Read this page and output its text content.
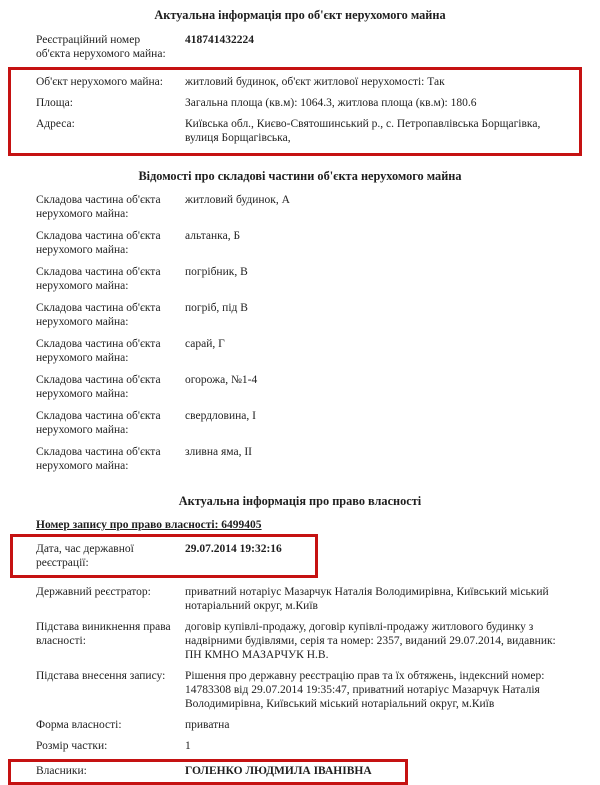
Актуальна інформація про об'єкт нерухомого майна
Реєстраційний номер об'єкта нерухомого майна:
418741432224
Об'єкт нерухомого майна:	житловий будинок, об'єкт житлової нерухомості: Так
Площа:	Загальна площа (кв.м): 1064.3, житлова площа (кв.м): 180.6
Адреса:	Київська обл., Києво-Святошинський р., с. Петропавлівська Борщагівка, вулиця Борщагівська,
Відомості про складові частини об'єкта нерухомого майна
Складова частина об'єкта нерухомого майна:
житловий будинок, А
Складова частина об'єкта нерухомого майна:
альтанка, Б
Складова частина об'єкта нерухомого майна:
погрібник, В
Складова частина об'єкта нерухомого майна:
погріб, під В
Складова частина об'єкта нерухомого майна:
сарай, Г
Складова частина об'єкта нерухомого майна:
огорожа, №1-4
Складова частина об'єкта нерухомого майна:
свердловина, І
Складова частина об'єкта нерухомого майна:
зливна яма, ІІ
Актуальна інформація про право власності
Номер запису про право власності: 6499405
Дата, час державної реєстрації:
29.07.2014 19:32:16
Державний реєстратор:	приватний нотаріус Мазарчук Наталія Володимирівна, Київський міський нотаріальний округ, м.Київ
Підстава виникнення права власності:
договір купівлі-продажу, договір купівлі-продажу житлового будинку з надвірними будівлями, серія та номер: 2357, виданий 29.07.2014, видавник: ПН КМНО МАЗАРЧУК Н.В.
Підстава внесення запису:	Рішення про державну реєстрацію прав та їх обтяжень, індексний номер: 14783308 від 29.07.2014 19:35:47, приватний нотаріус Мазарчук Наталія Володимирівна, Київський міський нотаріальний округ, м.Київ
Форма власності:	приватна
Розмір частки:	1
Власники:	ГОЛЕНКО ЛЮДМИЛА ІВАНІВНА
